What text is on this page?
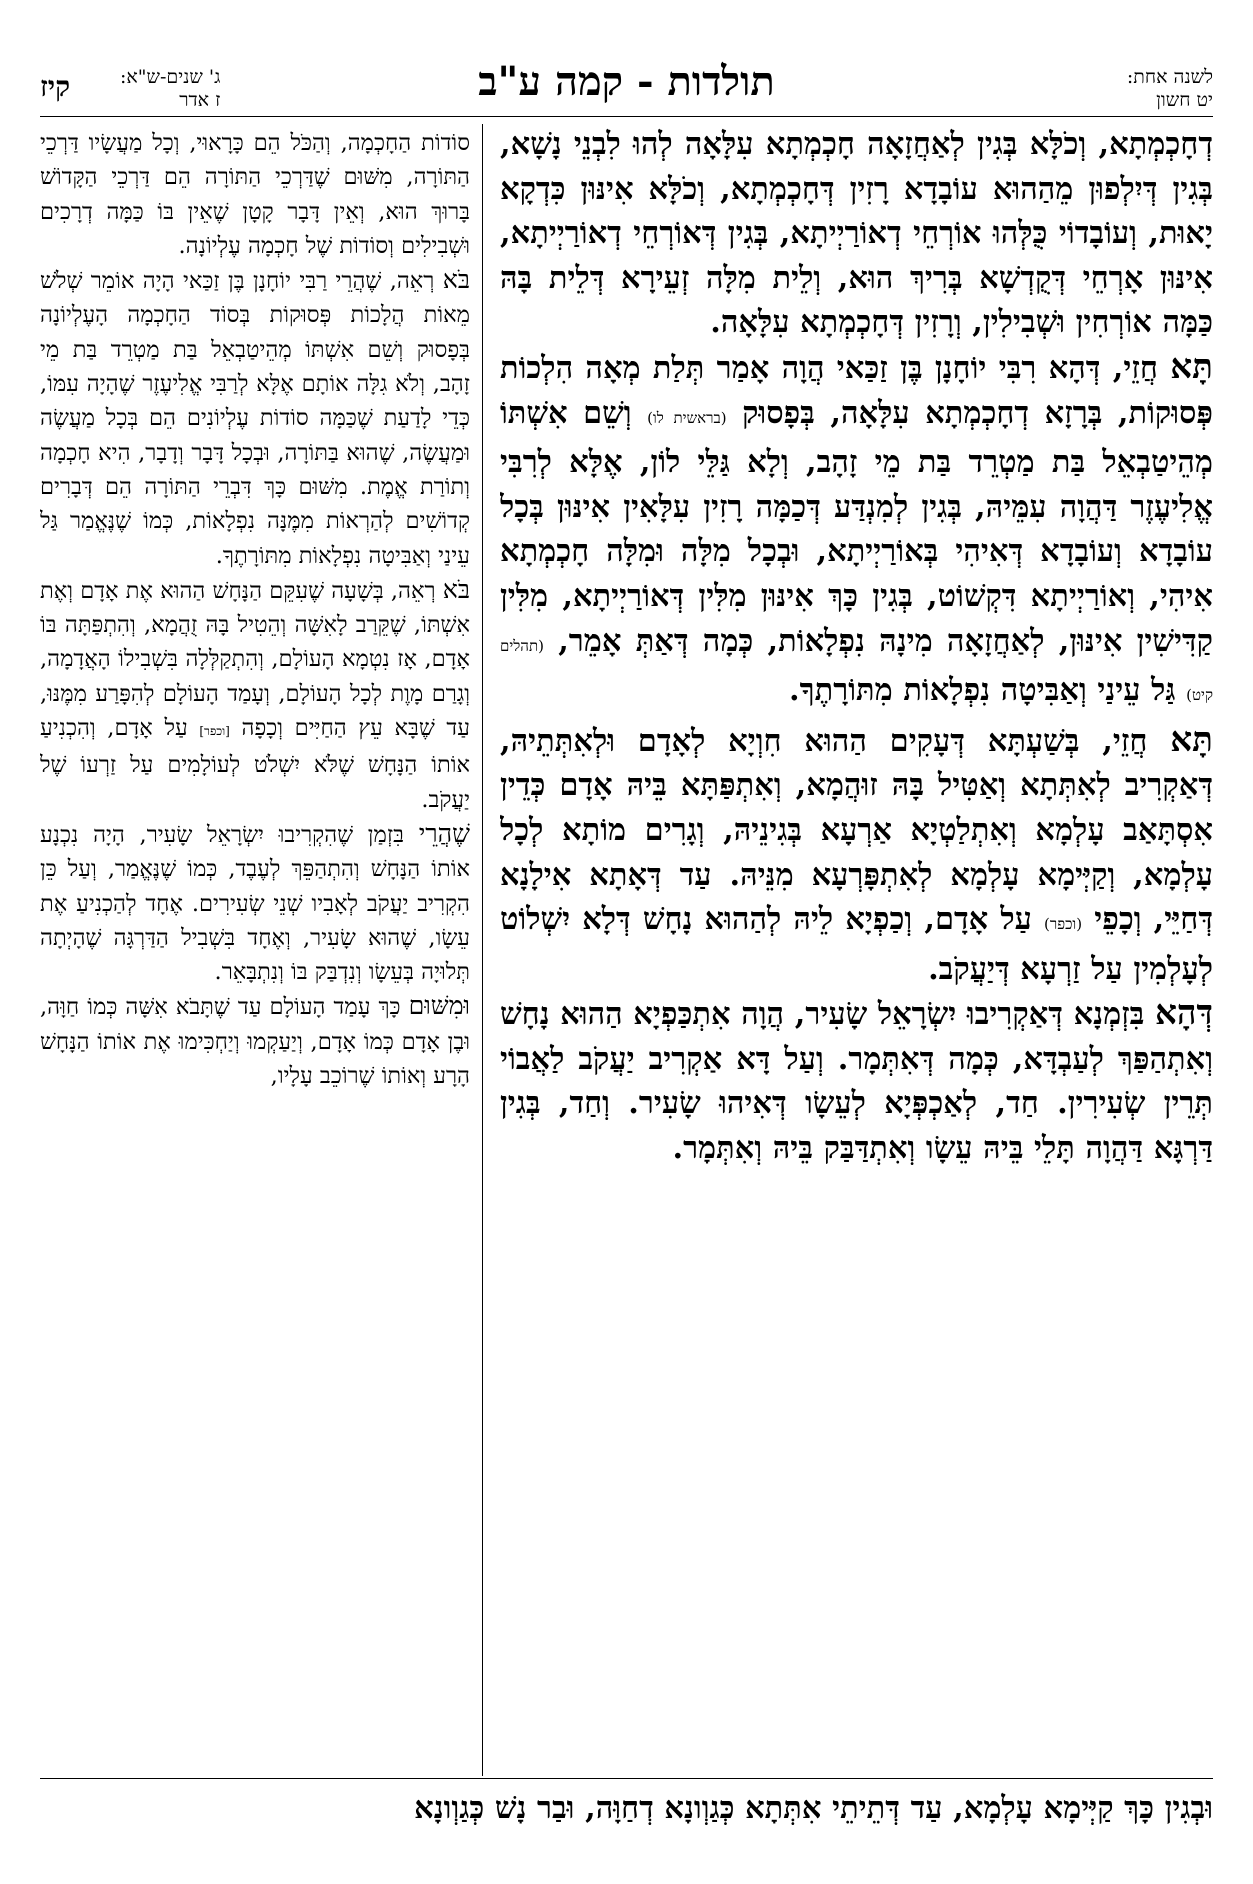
לשנה אחת:
יט חשון
תולדות - קמה ע"ב
ג' שנים-ש"א:
ז אדר
קיז

דְחָכְמְתָא, וְכֹלָּא בְּגִין לְאַחֲזָאָה חָכְמְתָא עִלָּאָה לְהוּ לִבְנֵי נָשָׁא, בְּגִין דְּיִלְפוּן מֵהַהוּא עוֹבָדָא רָזִין דְּחָכְמְתָא, וְכֹלָּא אִינּוּן כִּדְקָא יָאוּת, וְעוֹבָדוֹי כֻּלְּהוּ אוֹרְחֵי דְאוֹרַיְיתָא, בְּגִין דְּאוֹרְחֵי דְאוֹרַיְיתָא, אִינּוּן אָרְחֵי דְּקֻדְשָׁא בְּרִיךְ הוּא, וְלֵית מִלָּה זְעֵירָא דְּלֵית בָּהּ כַּמָּה אוֹרְחִין וּשְׁבִילִין, וְרָזִין דְּחָכְמְתָא עִלָּאָה.

תָּא חֲזֵי, דְּהָא רִבִּי יוֹחָנָן בֶּן זַכַּאי הֲוָה אָמַר תְּלַת מְאָה הִלְכוֹת פְּסוּקוֹת, בְּרָזָא דְחָכְמְתָא עִלָּאָה, בְּפָסוּק (בראשית לו) וְשֵׁם אִשְׁתּוֹ מְהֵיטַבְאֵל בַּת מַטְרֵד בַּת מֵי זָהָב, וְלָא גַּלֵּי לוֹן, אֶלָּא לְרִבִּי אֱלִיעֶזֶר דַּהֲוָה עִמֵּיהּ, בְּגִין לְמִנְדַּע דְּכַמָּה רָזִין עִלָּאִין אִינּוּן בְּכָל עוֹבָדָא וְעוֹבָדָא דְּאִיהִי בְּאוֹרַיְיתָא, וּבְכָל מִלָּה וּמִלָּה חָכְמְתָא אִיהִי, וְאוֹרַיְיתָא דִּקְשׁוֹט, בְּגִין כָּךְ אִינּוּן מִלִּין דְּאוֹרַיְיתָא, מִלִּין קַדִּישִׁין אִינּוּן, לְאַחֲזָאָה מִינָהּ נִפְלָאוֹת, כְּמָה דְּאַתְּ אָמֵר, (תהלים קיט) גַּל עֵינַי וְאַבִּיטָה נִפְלָאוֹת מִתּוֹרָתֶךָ.

תָּא חֲזֵי, בְּשַׁעְתָּא דְּעָקִים הַהוּא חִוְיָא לְאָדָם וּלְאִתְּתֵיהּ, דְּאַקְרִיב לְאִתְּתָא וְאַטִּיל בָּהּ זוּהֲמָא, וְאִתְפַּתָּא בֵּיהּ אָדָם כְּדֵין אִסְתָּאַב עָלְמָא וְאִתְלַטְיָא אַרְעָא בְּגִינֵיהּ, וְגָרִים מוֹתָא לְכָל עָלְמָא, וְקַיְּימָא עָלְמָא לְאִתְפָּרְעָא מִנֵּיהּ. עַד דְּאָתָא אִילָנָא דְּחַיֵּי, וְכָפֵי (וכפר) עַל אָדָם, וְכַפְיָא לֵיהּ לְהַהוּא נָחָשׁ דְּלָא יִשְׁלוֹט לְעָלְמִין עַל זַרְעָא דְּיַעֲקֹב.

דְּהָא בִּזְמְנָא דְּאַקְרִיבוּ יִשְׂרָאֵל שָׂעִיר, הֲוָה אִתְכַּפְיָא הַהוּא נָחָשׁ וְאִתְהַפַּךְ לְעַבְדָּא, כְּמָה דְּאִתְּמָר. וְעַל דָּא אַקְרִיב יַעֲקֹב לַאֲבוֹי תְּרֵין שְׂעִירִין. חַד, לְאַכְפְּיָא לְעֵשָׂו דְּאִיהוּ שָׂעִיר. וְחַד, בְּגִין דַּרְגָּא דַּהֲוָה תָּלֵי בֵּיהּ עֵשָׂו וְאִתְדַּבַּק בֵּיהּ וְאִתְּמָר.

סוֹדוֹת הַחָכְמָה, וְהַכֹּל הֵם כָּרָאוּי, וְכָל מַעֲשָׂיו דַּרְכֵי הַתּוֹרָה, מִשּׁוּם שֶׁדַּרְכֵי הַתּוֹרָה הֵם דַּרְכֵי הַקָּדוֹשׁ בָּרוּךְ הוּא, וְאֵין דָּבָר קָטָן שֶׁאֵין בּוֹ כַּמָּה דְרָכִים וּשְׁבִילִים וְסוֹדוֹת שֶׁל חָכְמָה עֶלְיוֹנָה.

בֹּא רְאֵה, שֶׁהֲרֵי רַבִּי יוֹחָנָן בֶּן זַכַּאי הָיָה אוֹמֵר שְׁלֹשׁ מֵאוֹת הֲלָכוֹת פְּסוּקוֹת בְּסוֹד הַחָכְמָה הָעֶלְיוֹנָה בְּפָסוּק וְשֵׁם אִשְׁתּוֹ מְהֵיטַבְאֵל בַּת מַטְרֵד בַּת מֵי זָהָב, וְלֹא גִלָּה אוֹתָם אֶלָּא לְרַבִּי אֱלִיעֶזֶר שֶׁהָיָה עִמּוֹ, כְּדֵי לָדַעַת שֶׁכַּמָּה סוֹדוֹת עֶלְיוֹנִים הֵם בְּכָל מַעֲשֶׂה וּמַעֲשֶׂה, שֶׁהוּא בַּתּוֹרָה, וּבְכָל דָּבָר וְדָבָר, הִיא חָכְמָה וְתוֹרַת אֱמֶת. מִשּׁוּם כָּךְ דִּבְרֵי הַתּוֹרָה הֵם דְּבָרִים קְדוֹשִׁים לְהַרְאוֹת מִמֶּנָּה נִפְלָאוֹת, כְּמוֹ שֶׁנֶּאֱמַר גַּל עֵינַי וְאַבִּיטָה נִפְלָאוֹת מִתּוֹרָתֶךָ.

בֹּא רְאֵה, בְּשָׁעָה שֶׁעִקֵּם הַנָּחָשׁ הַהוּא אֶת אָדָם וְאֶת אִשְׁתּוֹ, שֶׁקֵּרַב לָאִשָּׁה וְהֵטִיל בָּהּ זֻהֲמָא, וְהִתְפַּתָּה בּוֹ אָדָם, אָז נִטְמָא הָעוֹלָם, וְהִתְקַלְּלָה בִּשְׁבִילוֹ הָאֲדָמָה, וְגָרַם מָוֶת לְכָל הָעוֹלָם, וְעָמַד הָעוֹלָם לְהִפָּרַע מִמֶּנּוּ, עַד שֶׁבָּא עֵץ הַחַיִּים וְכָפָה [וכפר] עַל אָדָם, וְהִכְנִיעַ אוֹתוֹ הַנָּחָשׁ שֶׁלֹּא יִשְׁלֹט לְעוֹלָמִים עַל זַרְעוֹ שֶׁל יַעֲקֹב.

שֶׁהֲרֵי בִּזְמַן שֶׁהִקְרִיבוּ יִשְׂרָאֵל שָׂעִיר, הָיָה נִכְנָע אוֹתוֹ הַנָּחָשׁ וְהִתְהַפֵּךְ לְעֶבֶד, כְּמוֹ שֶׁנֶּאֱמַר, וְעַל כֵּן הִקְרִיב יַעֲקֹב לְאָבִיו שְׁנֵי שְׂעִירִים. אֶחָד לְהַכְנִיעַ אֶת עֵשָׂו, שֶׁהוּא שָׂעִיר, וְאֶחָד בִּשְׁבִיל הַדַּרְגָּה שֶׁהָיְתָה תְּלוּיָה בְּעֵשָׂו וְנִדְבַּק בּוֹ וְנִתְבָּאֵר.

וּמִשּׁוּם כָּךְ עָמַד הָעוֹלָם עַד שֶׁתָּבֹא אִשָּׁה כְּמוֹ חַוָּה, וּבֶן אָדָם כְּמוֹ אָדָם, וְיַעַקְמוּ וְיַחְכִּימוּ אֶת אוֹתוֹ הַנָּחָשׁ הָרָע וְאוֹתוֹ שֶׁרוֹכֵב עָלָיו,

וּבְגִין כָּךְ קַיְּימָא עָלְמָא, עַד דְּתֵיתֵי אִתְּתָא כְּגַוְונָא דְחַוָּה, וּבַר נָשׁ כְּגַוְונָא
